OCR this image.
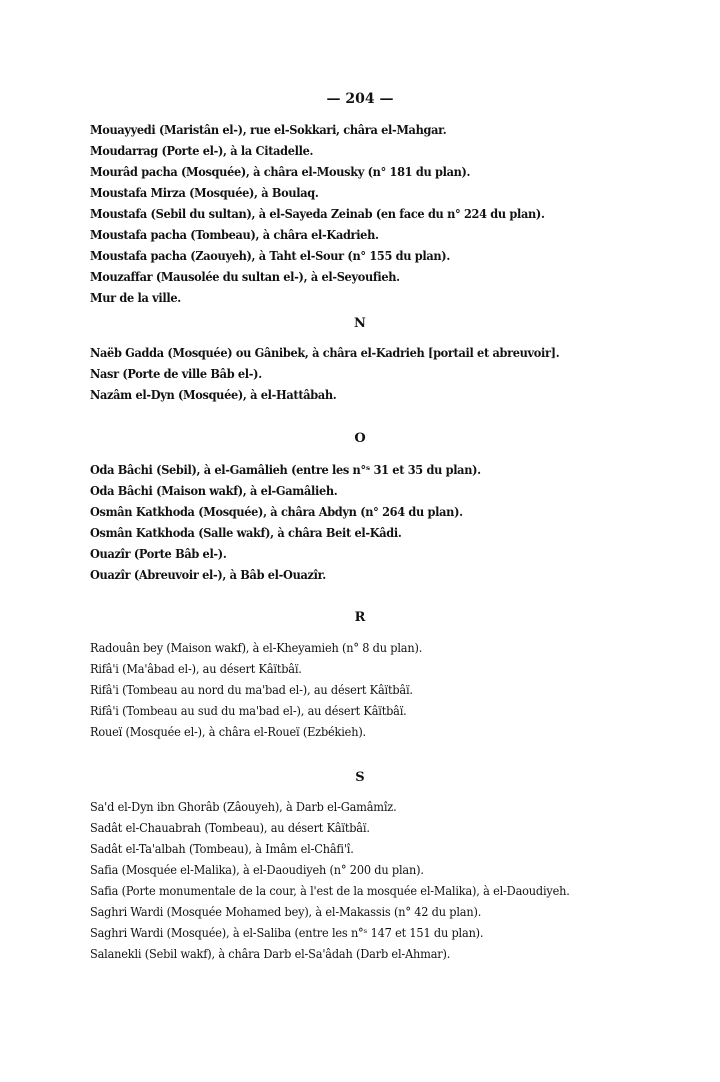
— 204 —
Mouayyedi (Maristân el-), rue el-Sokkari, châra el-Mahgar.
Moudarrag (Porte el-), à la Citadelle.
Mourâd pacha (Mosquée), à châra el-Mousky (n° 181 du plan).
Moustafa Mirza (Mosquée), à Boulaq.
Moustafa (Sebil du sultan), à el-Sayeda Zeinab (en face du n° 224 du plan).
Moustafa pacha (Tombeau), à châra el-Kadrieh.
Moustafa pacha (Zaouyeh), à Taht el-Sour (n° 155 du plan).
Mouzaffar (Mausolée du sultan el-), à el-Seyoufieh.
Mur de la ville.
N
Naëb Gadda (Mosquée) ou Gânibek, à châra el-Kadrieh [portail et abreuvoir].
Nasr (Porte de ville Bâb el-).
Nazâm el-Dyn (Mosquée), à el-Hattâbah.
O
Oda Bâchi (Sebil), à el-Gamâlieh (entre les n°ˢ 31 et 35 du plan).
Oda Bâchi (Maison wakf), à el-Gamâlieh.
Osmân Katkhoda (Mosquée), à châra Abdyn (n° 264 du plan).
Osmân Katkhoda (Salle wakf), à châra Beit el-Kâdi.
Ouazîr (Porte Bâb el-).
Ouazîr (Abreuvoir el-), à Bâb el-Ouazîr.
R
Radouân bey (Maison wakf), à el-Kheyamieh (n° 8 du plan).
Rifâ'i (Ma'âbad el-), au désert Kâïtbâï.
Rifâ'i (Tombeau au nord du ma'bad el-), au désert Kâïtbâï.
Rifâ'i (Tombeau au sud du ma'bad el-), au désert Kâïtbâï.
Roueï (Mosquée el-), à châra el-Roueï (Ezbékieh).
S
Sa'd el-Dyn ibn Ghorâb (Zâouyeh), à Darb el-Gamâmîz.
Sadât el-Chauabrah (Tombeau), au désert Kâïtbâï.
Sadât el-Ta'albah (Tombeau), à Imâm el-Châfi'î.
Safia (Mosquée el-Malika), à el-Daoudiyeh (n° 200 du plan).
Safia (Porte monumentale de la cour, à l'est de la mosquée el-Malika), à el-Daoudiyeh.
Saghri Wardi (Mosquée Mohamed bey), à el-Makassis (n° 42 du plan).
Saghri Wardi (Mosquée), à el-Saliba (entre les n°ˢ 147 et 151 du plan).
Salanekli (Sebil wakf), à châra Darb el-Sa'âdah (Darb el-Ahmar).
